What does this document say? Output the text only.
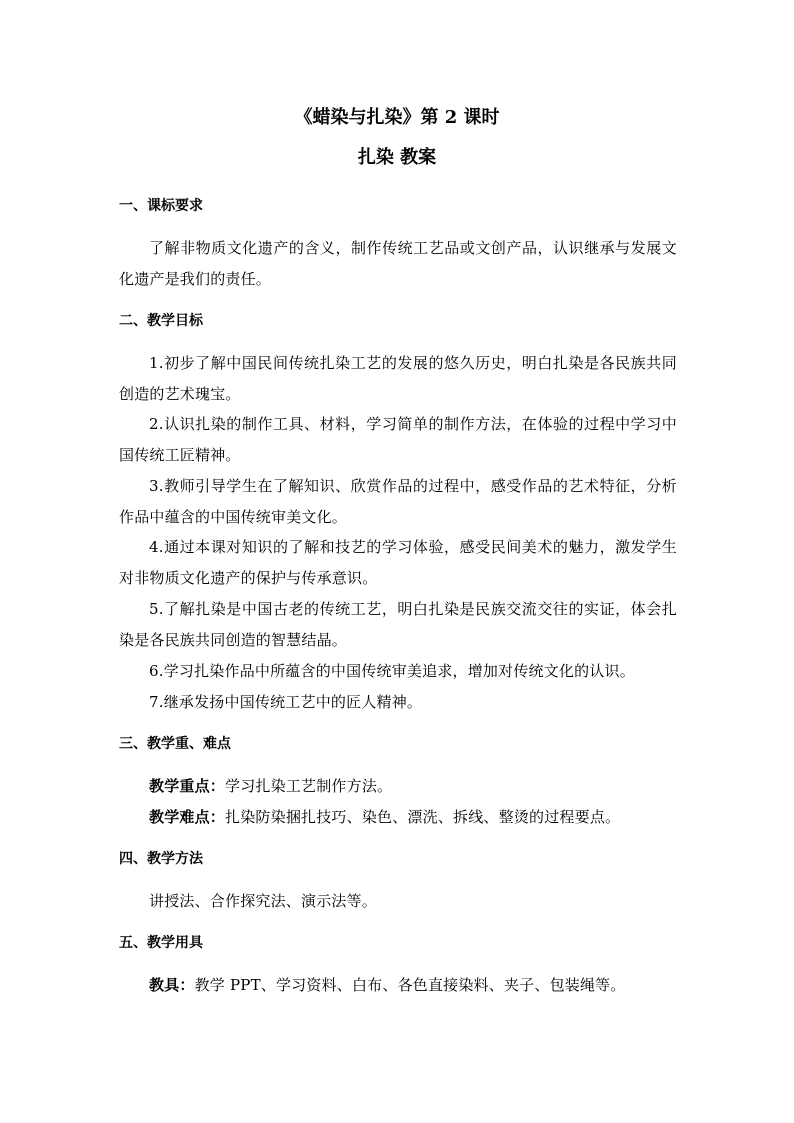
《蜡染与扎染》第 2 课时
扎染 教案
一、课标要求

了解非物质文化遗产的含义，制作传统工艺品或文创产品，认识继承与发展文化遗产是我们的责任。

二、教学目标

1.初步了解中国民间传统扎染工艺的发展的悠久历史，明白扎染是各民族共同创造的艺术瑰宝。

2.认识扎染的制作工具、材料，学习简单的制作方法，在体验的过程中学习中国传统工匠精神。

3.教师引导学生在了解知识、欣赏作品的过程中，感受作品的艺术特征，分析作品中蕴含的中国传统审美文化。

4.通过本课对知识的了解和技艺的学习体验，感受民间美术的魅力，激发学生对非物质文化遗产的保护与传承意识。

5.了解扎染是中国古老的传统工艺，明白扎染是民族交流交往的实证，体会扎染是各民族共同创造的智慧结晶。

6.学习扎染作品中所蕴含的中国传统审美追求，增加对传统文化的认识。

7.继承发扬中国传统工艺中的匠人精神。

三、教学重、难点

教学重点：学习扎染工艺制作方法。

教学难点：扎染防染捆扎技巧、染色、漂洗、拆线、整烫的过程要点。

四、教学方法

讲授法、合作探究法、演示法等。

五、教学用具

教具：教学 PPT、学习资料、白布、各色直接染料、夹子、包装绳等。
